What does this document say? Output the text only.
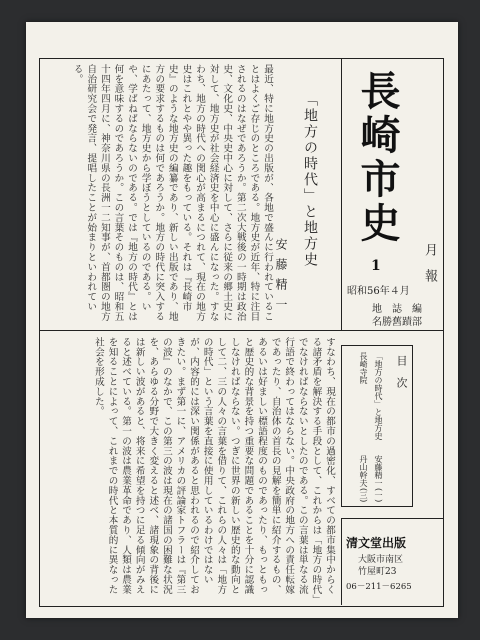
長崎市史
月　報
1
昭和56年４月
地　誌　編
名勝舊蹟部
「地方の時代」と地方史
安藤精一
最近、特に地方史の出版が、各地で盛んに行われていることはよくご存じのところである。地方史が近年、特に注目されるのはなぜであろうか。第二次大戦後の一時期は政治史、文化史、中央史中心に対して、さらに従来の郷土史に対して、地方史が社会経済史を中心に盛んになった。すなわち、地方の時代への関心が高まるにつれて、現在の地方史はこれとやや異った趣をもっている。それは『長崎市史』のような地方史の編纂であり、新しい出版であり、地方の要求するものは何であろうか。地方の時代に突入するにあたって、地方史から学ぼうとしているのである。いや、学ばねばならないのである。では『地方の時代』とは何を意味するのであろうか。この言葉そのものは、昭和五十四年四月に、神奈川県の長洲一二知事が、首都圏の地方自治研究会で発言、提唱したことが始まりといわれている。
すなわち、現在の都市の過密化、すべての都市集中からくる諸矛盾を解決する手段として、これからは「地方の時代」でなければならないとしたのである。この言葉は単なる流行語で終わってはならない。中央政府の地方への責任転嫁であったり、自治体の首長の見解を簡単に紹介するもの、あるいは好ましい標語程度のものであったり、もっともっと歴史的な背景を持つ重要な問題であることを十分に認識しなければならない。つぎに世界の新しい歴史的な動向として二、三の人々の言葉を借りて、これらの人々は「地方の時代」という言葉を直接に使用しているわけではないが、内容的には深い関係があると思われるので紹介しておきたい。まず第一に、アメリカの評論家トフラーは『第三の波』のなかで、この第三の波は現在の諸国の困難な状況を、あらゆる分野で大きく変えると述べ、諸現象の背後には新しい波があると、将来に希望を持つに足る傾向がみえると述べている。第一の波は農業革命であり、人類は農業を知ることによって、これまでの時代と本質的に異なった社会を形成した。	目　次
「地方の時代」と地方史
安藤精一
(一)
長崎寺院
丹山幹夫
(三)
清文堂出版
大阪市南区
竹屋町23
06－211－6265
